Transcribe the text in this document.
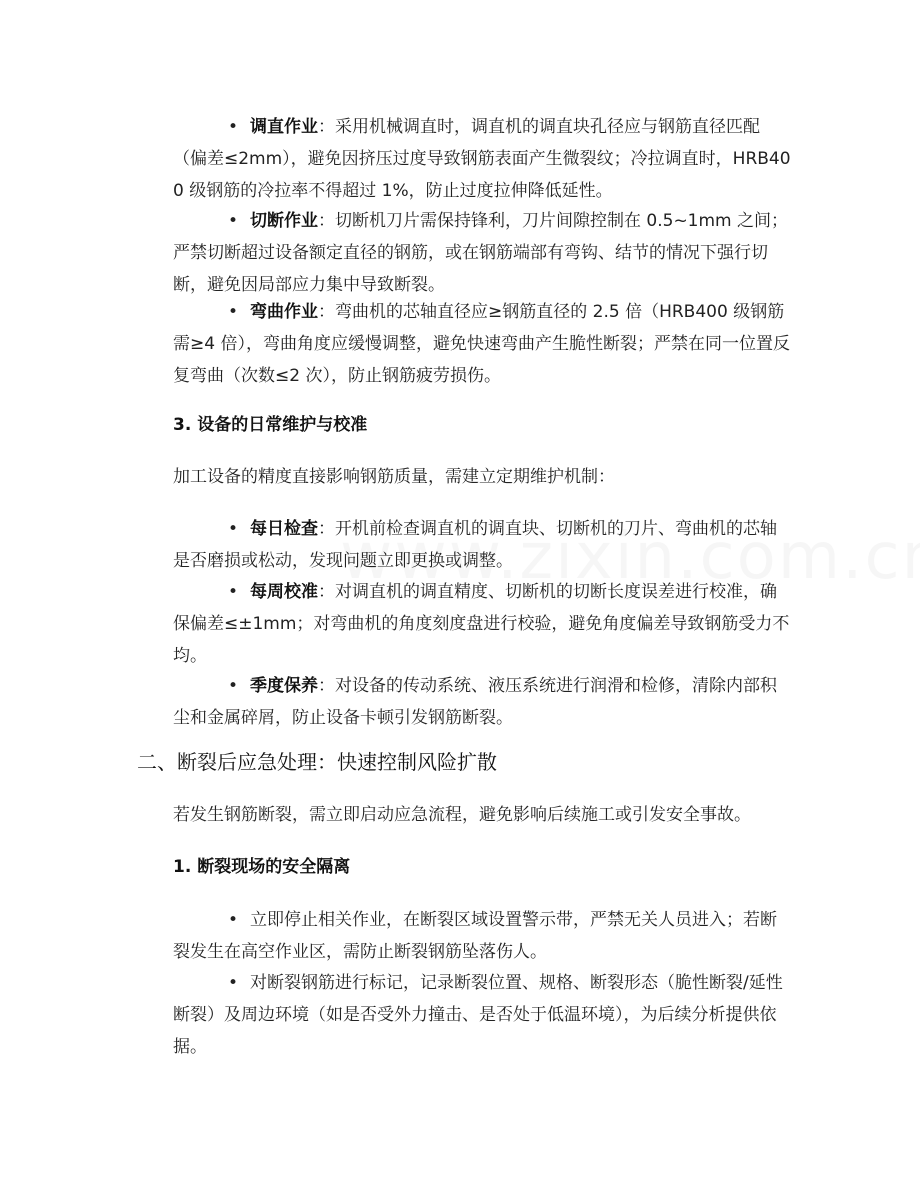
• 调直作业：采用机械调直时，调直机的调直块孔径应与钢筋直径匹配（偏差≤2mm），避免因挤压过度导致钢筋表面产生微裂纹；冷拉调直时，HRB400 级钢筋的冷拉率不得超过 1%，防止过度拉伸降低延性。

• 切断作业：切断机刀片需保持锋利，刀片间隙控制在 0.5~1mm 之间；严禁切断超过设备额定直径的钢筋，或在钢筋端部有弯钩、结节的情况下强行切断，避免因局部应力集中导致断裂。

• 弯曲作业：弯曲机的芯轴直径应≥钢筋直径的 2.5 倍（HRB400 级钢筋需≥4 倍），弯曲角度应缓慢调整，避免快速弯曲产生脆性断裂；严禁在同一位置反复弯曲（次数≤2 次），防止钢筋疲劳损伤。

3. 设备的日常维护与校准

加工设备的精度直接影响钢筋质量，需建立定期维护机制：

• 每日检查：开机前检查调直机的调直块、切断机的刀片、弯曲机的芯轴是否磨损或松动，发现问题立即更换或调整。

• 每周校准：对调直机的调直精度、切断机的切断长度误差进行校准，确保偏差≤±1mm；对弯曲机的角度刻度盘进行校验，避免角度偏差导致钢筋受力不均。

• 季度保养：对设备的传动系统、液压系统进行润滑和检修，清除内部积尘和金属碎屑，防止设备卡顿引发钢筋断裂。

二、断裂后应急处理：快速控制风险扩散

若发生钢筋断裂，需立即启动应急流程，避免影响后续施工或引发安全事故。

1. 断裂现场的安全隔离

• 立即停止相关作业，在断裂区域设置警示带，严禁无关人员进入；若断裂发生在高空作业区，需防止断裂钢筋坠落伤人。

• 对断裂钢筋进行标记，记录断裂位置、规格、断裂形态（脆性断裂/延性断裂）及周边环境（如是否受外力撞击、是否处于低温环境），为后续分析提供依据。
